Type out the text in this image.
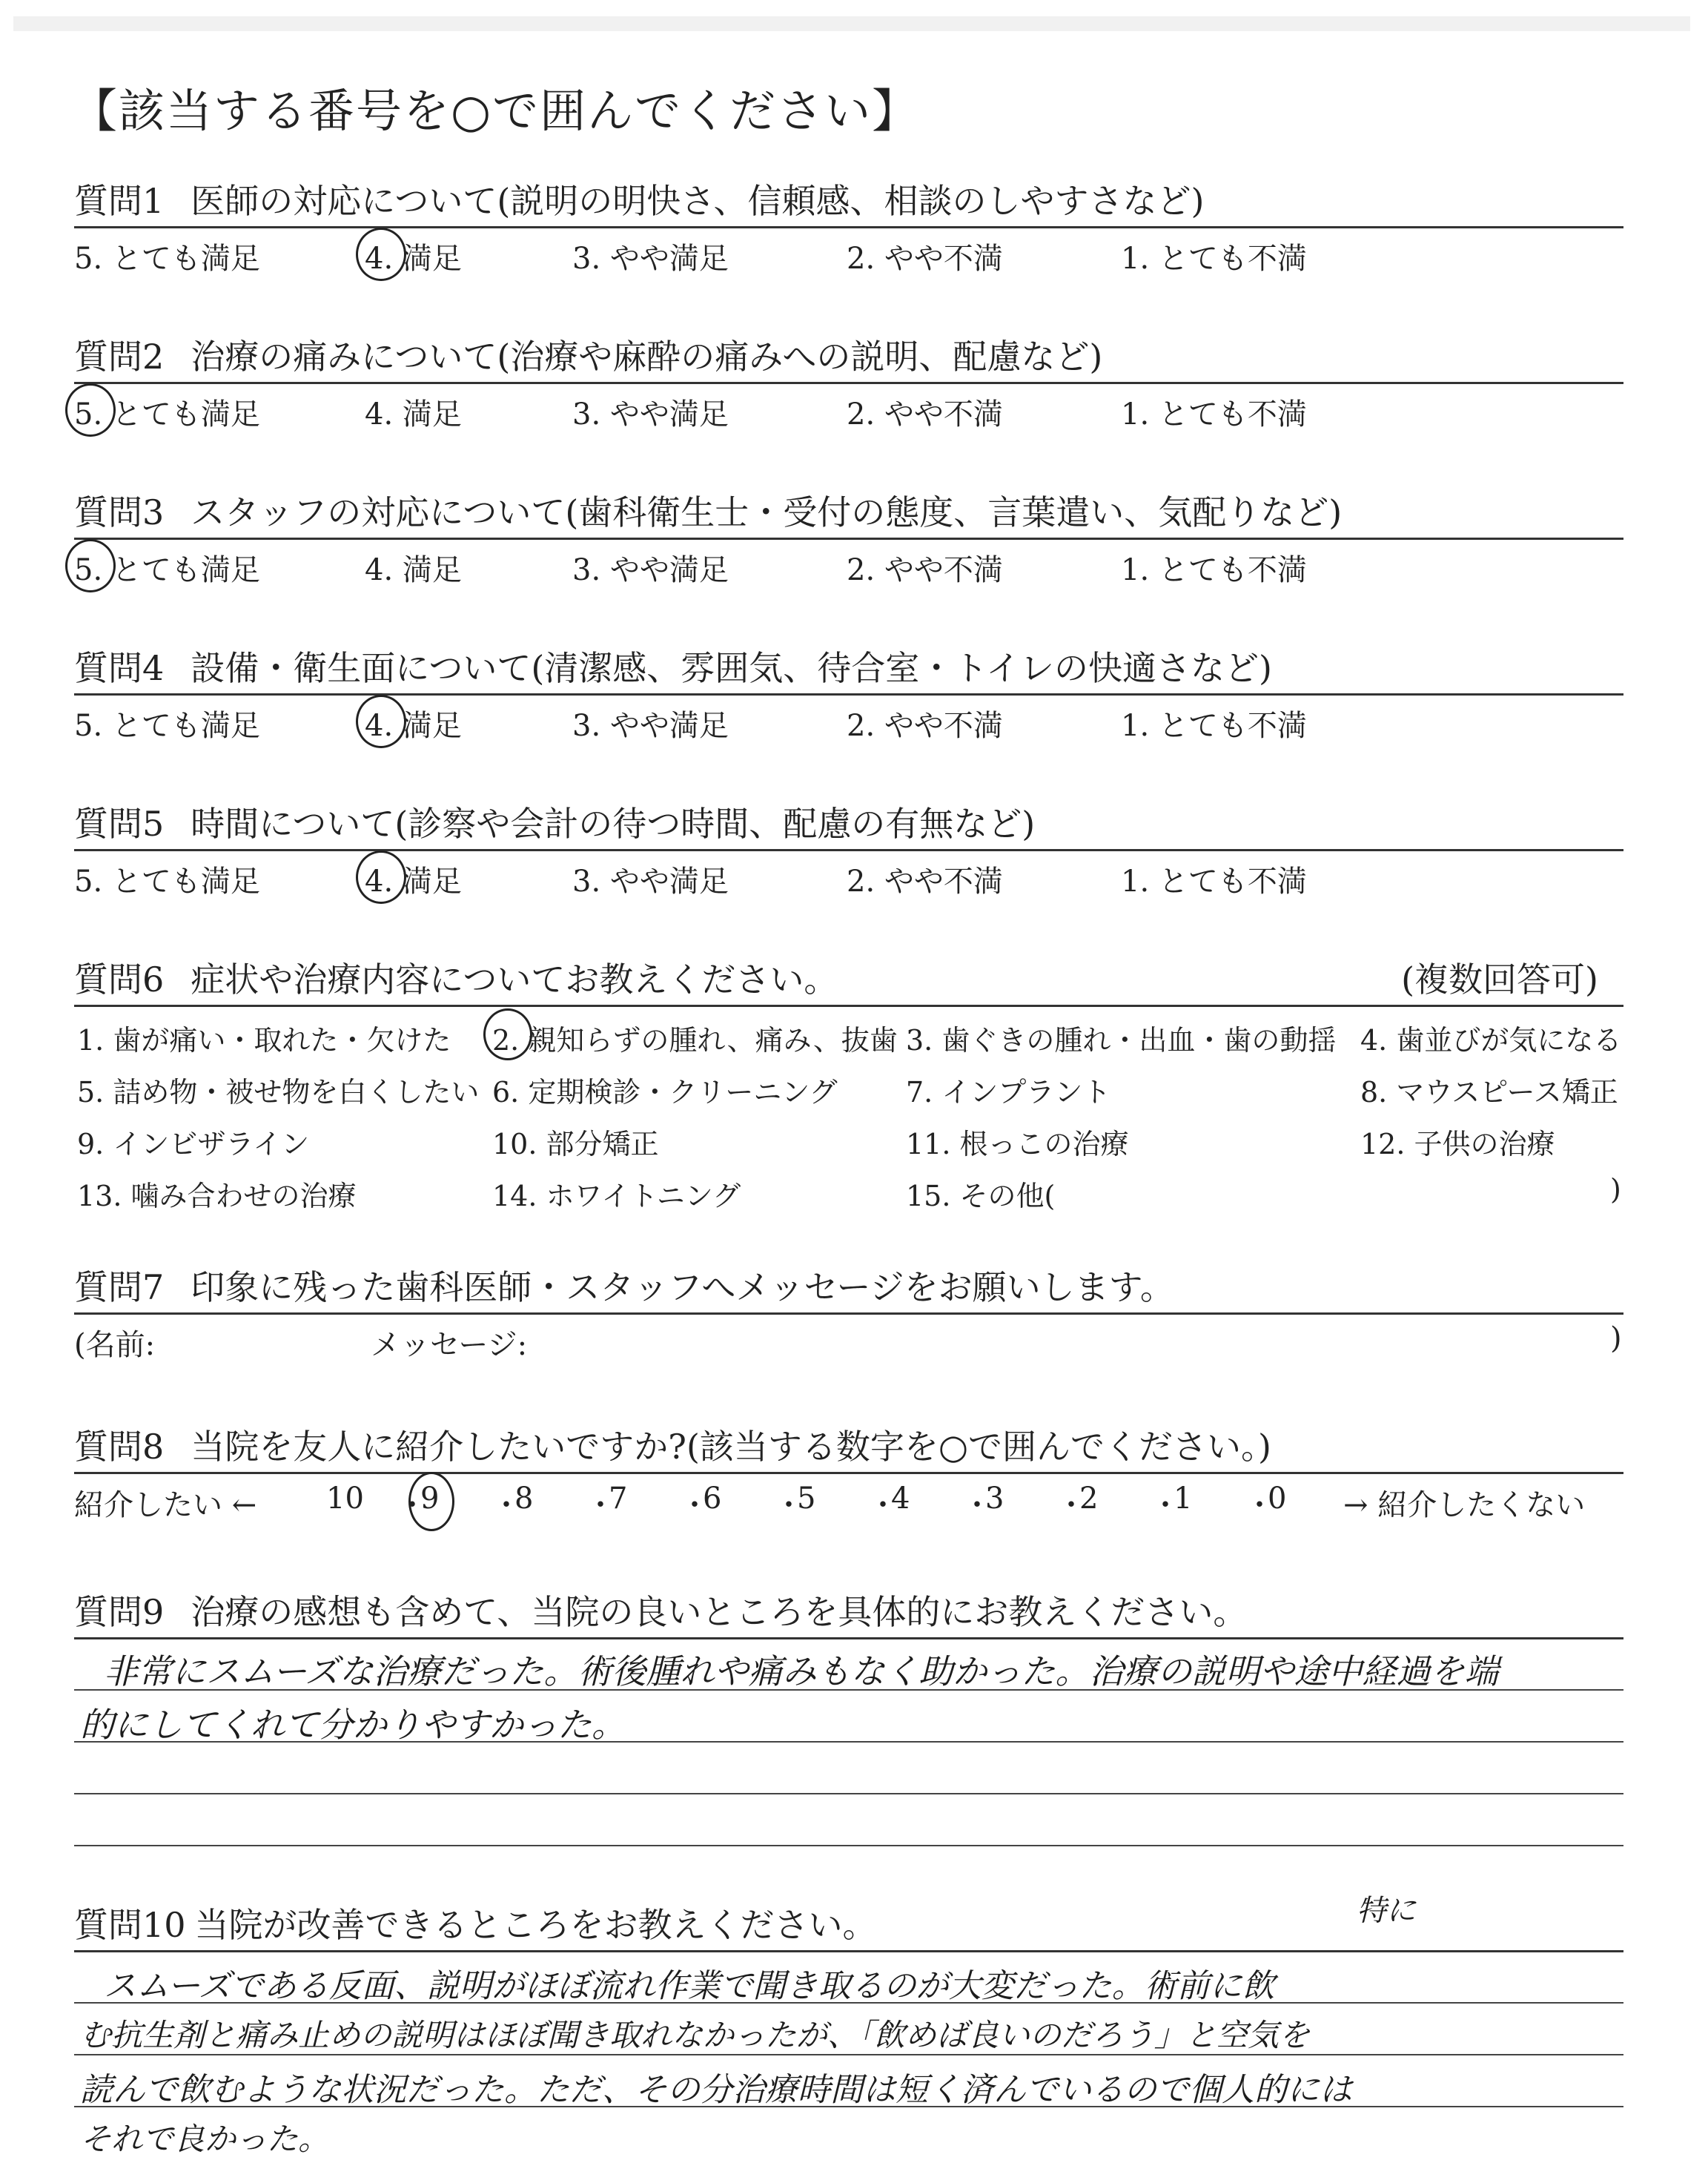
【該当する番号を○で囲んでください】
質問1 医師の対応について(説明の明快さ、信頼感、相談のしやすさなど)
5. とても満足	4. 満足	3. やや満足	2. やや不満	1. とても不満
質問2 治療の痛みについて(治療や麻酔の痛みへの説明、配慮など)
5. とても満足	4. 満足	3. やや満足	2. やや不満	1. とても不満
質問3 スタッフの対応について(歯科衛生士・受付の態度、言葉遣い、気配りなど)
5. とても満足	4. 満足	3. やや満足	2. やや不満	1. とても不満
質問4 設備・衛生面について(清潔感、雰囲気、待合室・トイレの快適さなど)
5. とても満足	4. 満足	3. やや満足	2. やや不満	1. とても不満
質問5 時間について(診察や会計の待つ時間、配慮の有無など)
5. とても満足	4. 満足	3. やや満足	2. やや不満	1. とても不満
質問6 症状や治療内容についてお教えください。	(複数回答可)
1. 歯が痛い・取れた・欠けた 2. 親知らずの腫れ、痛み、抜歯 3. 歯ぐきの腫れ・出血・歯の動揺 4. 歯並びが気になる
5. 詰め物・被せ物を白くしたい 6. 定期検診・クリーニング 7. インプラント	8. マウスピース矯正
9. インビザライン	10. 部分矯正	11. 根っこの治療	12. 子供の治療
13. 噛み合わせの治療	14. ホワイトニング	15. その他(	)
質問7 印象に残った歯科医師・スタッフへメッセージをお願いします。
(名前:	メッセージ:	)
質問8 当院を友人に紹介したいですか?(該当する数字を○で囲んでください。)
紹介したい ← 10 ・
9 ・
8 ・
7 ・
6 ・
5 ・
4 ・
3 ・
2 ・
1 ・
0 → 紹介したくない
質問9 治療の感想も含めて、当院の良いところを具体的にお教えください。
非常にスムーズな治療だった。術後腫れや痛みもなく助かった。治療の説明や途中経過を端
的にしてくれて分かりやすかった。
質問10 当院が改善できるところをお教えください。	特に
スムーズである反面、説明がほぼ流れ作業で聞き取るのが大変だった。術前に飲
む抗生剤と痛み止めの説明はほぼ聞き取れなかったが、「飲めば良いのだろう」と空気を
読んで飲むような状況だった。ただ、その分治療時間は短く済んでいるので個人的には
それで良かった。
